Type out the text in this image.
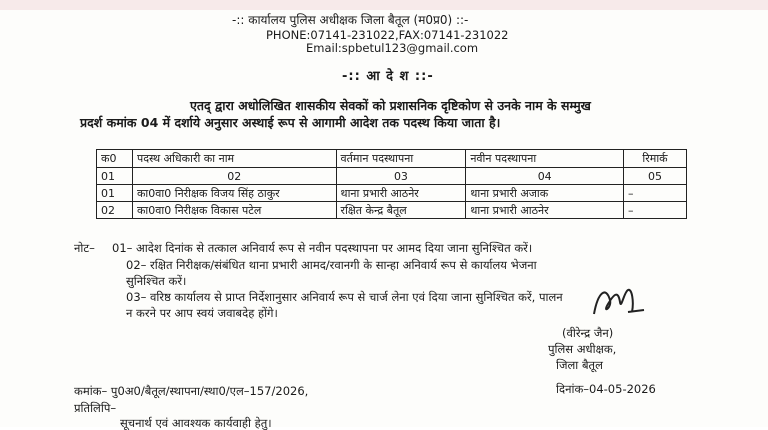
-:: कार्यालय पुलिस अधीक्षक जिला बैतूल (म0प्र0) ::-
PHONE:07141-231022,FAX:07141-231022
Email:spbetul123@gmail.com
-:: आ दे श ::-
एतद् द्वारा अधोलिखित शासकीय सेवकों को प्रशासनिक दृष्टिकोण से उनके नाम के सम्मुख
प्रदर्श कमांक 04 में दर्शाये अनुसार अस्थाई रूप से आगामी आदेश तक पदस्थ किया जाता है।
क0	पदस्थ अधिकारी का नाम	वर्तमान पदस्थापना	नवीन पदस्थापना	रिमार्क
01	02	03	04	05
01	का0वा0 निरीक्षक विजय सिंह ठाकुर	थाना प्रभारी आठनेर	थाना प्रभारी अजाक	–
02	का0वा0 निरीक्षक विकास पटेल	रक्षित केन्द्र बैतूल	थाना प्रभारी आठनेर	–
नोट– 01– आदेश दिनांक से तत्काल अनिवार्य रूप से नवीन पदस्थापना पर आमद दिया जाना सुनिश्चित करें।
02– रक्षित निरीक्षक/संबंधित थाना प्रभारी आमद/रवानगी के सान्हा अनिवार्य रूप से कार्यालय भेजना
सुनिश्चित करें।
03– वरिष्ठ कार्यालय से प्राप्त निर्देशानुसार अनिवार्य रूप से चार्ज लेना एवं दिया जाना सुनिश्चित करें, पालन
न करने पर आप स्वयं जवाबदेह होंगे।
(वीरेन्द्र जैन)
पुलिस अधीक्षक,
जिला बैतूल
कमांक– पु0अ0/बैतूल/स्थापना/स्था0/एल–157/2026,	दिनांक–04-05-2026
प्रतिलिपि–
सूचनार्थ एवं आवश्यक कार्यवाही हेतु।
